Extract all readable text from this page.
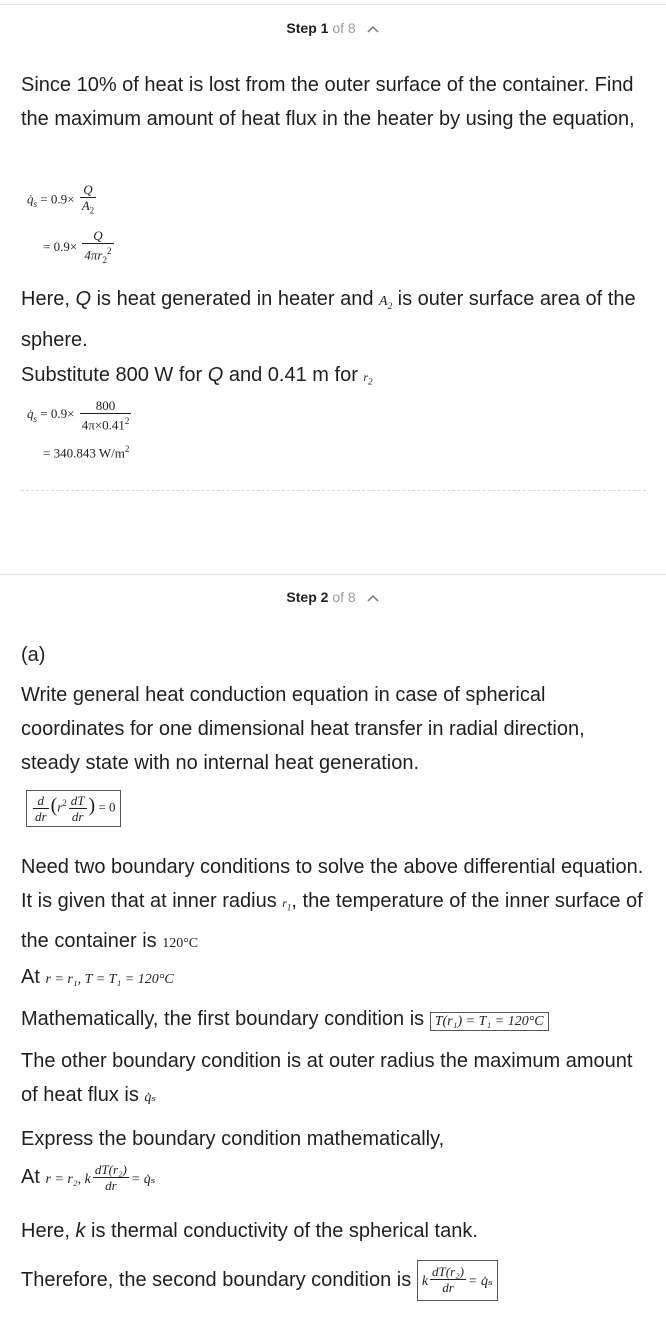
Step 1 of 8
Since 10% of heat is lost from the outer surface of the container. Find the maximum amount of heat flux in the heater by using the equation,
$q̇_s = 0.9\times \frac{Q}{A_2}$
= $0.9\times \frac{Q}{4\pi r_2^2}$
Here, Q is heat generated in heater and $A_2$ is outer surface area of the sphere.
Substitute 800 W for Q and 0.41 m for $r_2$
$q̇_s = 0.9\times \frac{800}{4\pi\times 0.41^2}$
= 340.843 $W/m^2$
Step 2 of 8
(a)
Write general heat conduction equation in case of spherical coordinates for one dimensional heat transfer in radial direction, steady state with no internal heat generation.
$\frac{d}{dr} (r^2 \frac{dT}{dr}$ ) = 0
Need two boundary conditions to solve the above differential equation. It is given that at inner radius $r_1$, the temperature of the inner surface of the container is 120°C
At r = r₁, T = T₁ = 120°C
Mathematically, the first boundary condition is T(r₁) = T₁ = 120°C
The other boundary condition is at outer radius the maximum amount of heat flux is q̇ₛ
Express the boundary condition mathematically,
At r = r₂, k $\frac{\text{dT(r₂)}}{dr}$ = q̇ₛ
Here, k is thermal conductivity of the spherical tank.
Therefore, the second boundary condition is k $\frac{\text{dT(r₂)}}{dr}$ = q̇ₛ
